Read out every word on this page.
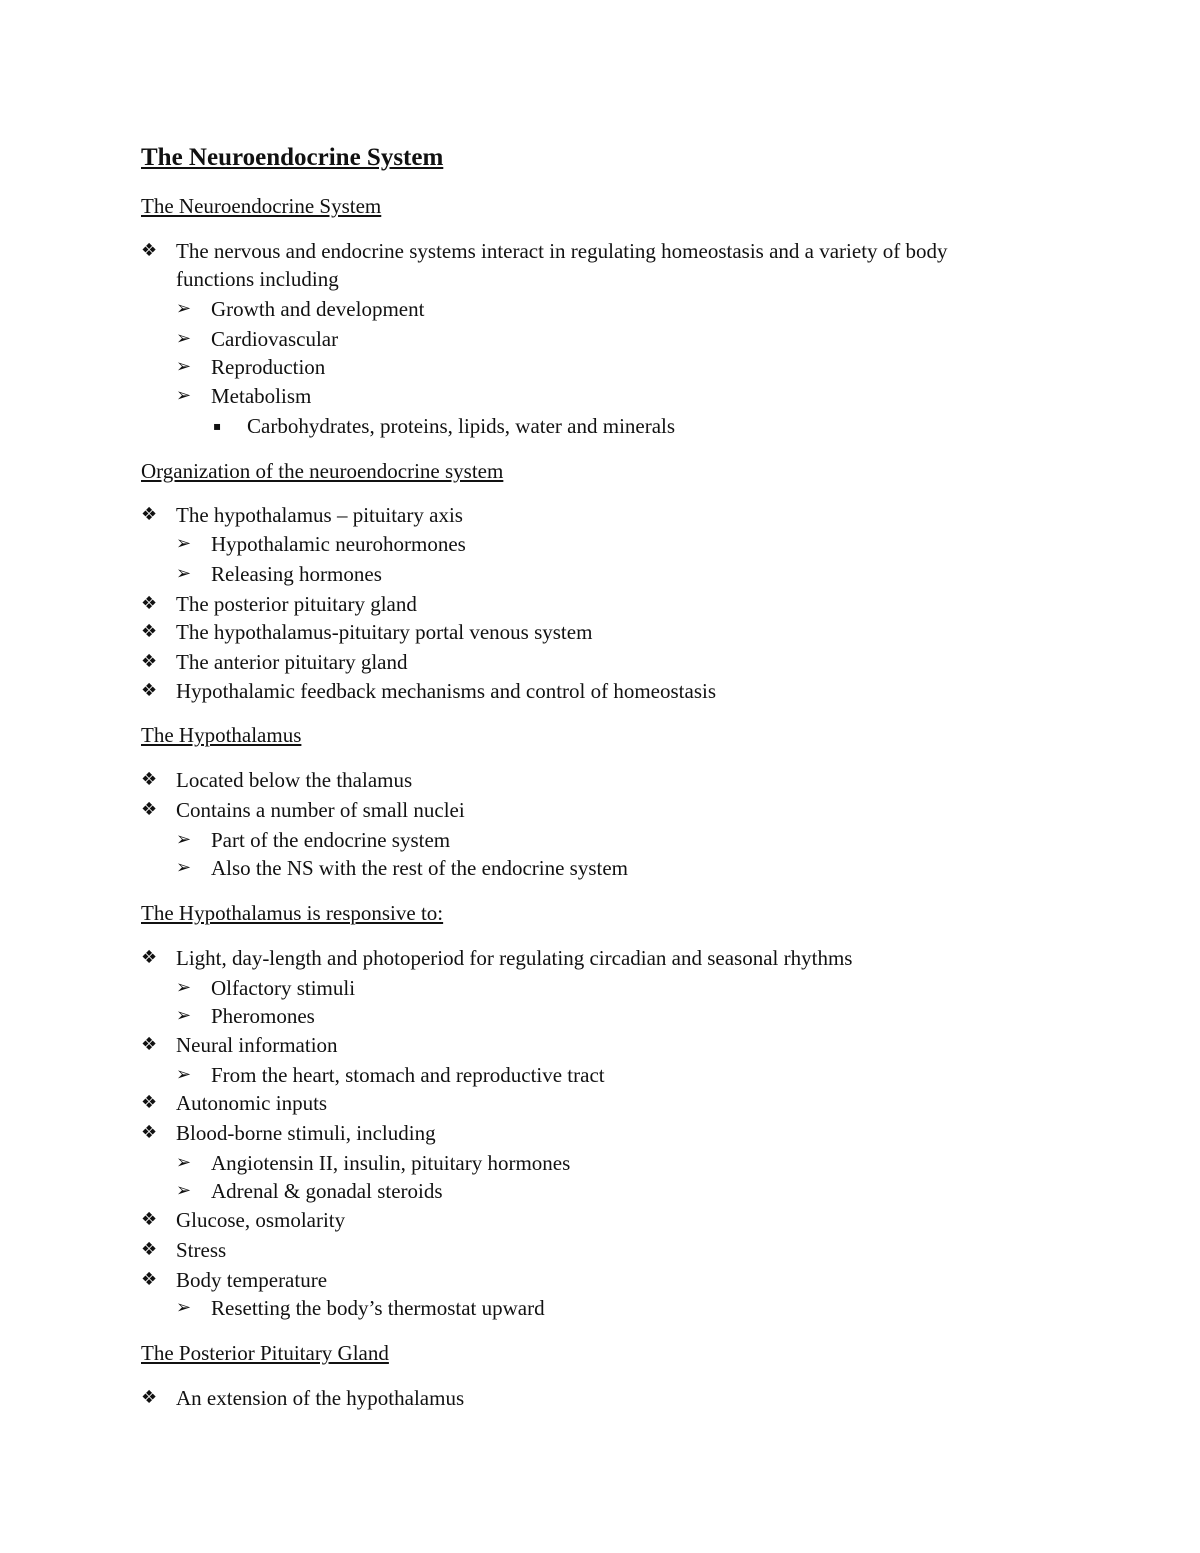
The Neuroendocrine System
The Neuroendocrine System
❖ The nervous and endocrine systems interact in regulating homeostasis and a variety of body
functions including
➢ Growth and development
➢ Cardiovascular
➢ Reproduction
➢ Metabolism
▪	Carbohydrates, proteins, lipids, water and minerals
Organization of the neuroendocrine system
❖ The hypothalamus – pituitary axis
➢ Hypothalamic neurohormones
➢ Releasing hormones
❖ The posterior pituitary gland
❖ The hypothalamus-pituitary portal venous system
❖ The anterior pituitary gland
❖ Hypothalamic feedback mechanisms and control of homeostasis
The Hypothalamus
❖ Located below the thalamus
❖ Contains a number of small nuclei
➢ Part of the endocrine system
➢ Also the NS with the rest of the endocrine system
The Hypothalamus is responsive to:
❖ Light, day-length and photoperiod for regulating circadian and seasonal rhythms
➢ Olfactory stimuli
➢ Pheromones
❖ Neural information
➢ From the heart, stomach and reproductive tract
❖ Autonomic inputs
❖ Blood-borne stimuli, including
➢ Angiotensin II, insulin, pituitary hormones
➢ Adrenal & gonadal steroids
❖ Glucose, osmolarity
❖ Stress
❖ Body temperature
➢ Resetting the body’s thermostat upward
The Posterior Pituitary Gland
❖ An extension of the hypothalamus
